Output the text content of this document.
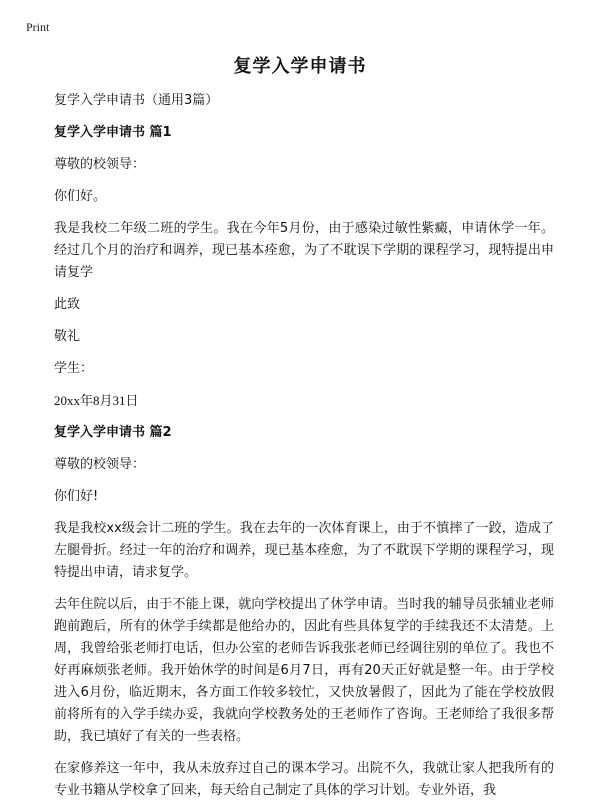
Print
复学入学申请书

复学入学申请书（通用3篇）

复学入学申请书 篇1

尊敬的校领导：

你们好。

我是我校二年级二班的学生。我在今年5月份，由于感染过敏性紫癜，申请休学一年。经过几个月的治疗和调养，现已基本痊愈，为了不耽误下学期的课程学习，现特提出申请复学

此致

敬礼

学生：

20xx年8月31日

复学入学申请书 篇2

尊敬的校领导：

你们好!

我是我校xx级会计二班的学生。我在去年的一次体育课上，由于不慎摔了一跤，造成了左腿骨折。经过一年的治疗和调养，现已基本痊愈，为了不耽误下学期的课程学习，现特提出申请，请求复学。

去年住院以后，由于不能上课，就向学校提出了休学申请。当时我的辅导员张辅业老师跑前跑后，所有的休学手续都是他给办的，因此有些具体复学的手续我还不太清楚。上周，我曾给张老师打电话，但办公室的老师告诉我张老师已经调往别的单位了。我也不好再麻烦张老师。我开始休学的时间是6月7日，再有20天正好就是整一年。由于学校进入6月份，临近期末，各方面工作较多较忙，又快放暑假了，因此为了能在学校放假前将所有的入学手续办妥，我就向学校教务处的王老师作了咨询。王老师给了我很多帮助，我已填好了有关的一些表格。

在家修养这一年中，我从未放弃过自己的课本学习。出院不久，我就让家人把我所有的专业书籍从学校拿了回来，每天给自己制定了具体的学习计划。专业外语，我
